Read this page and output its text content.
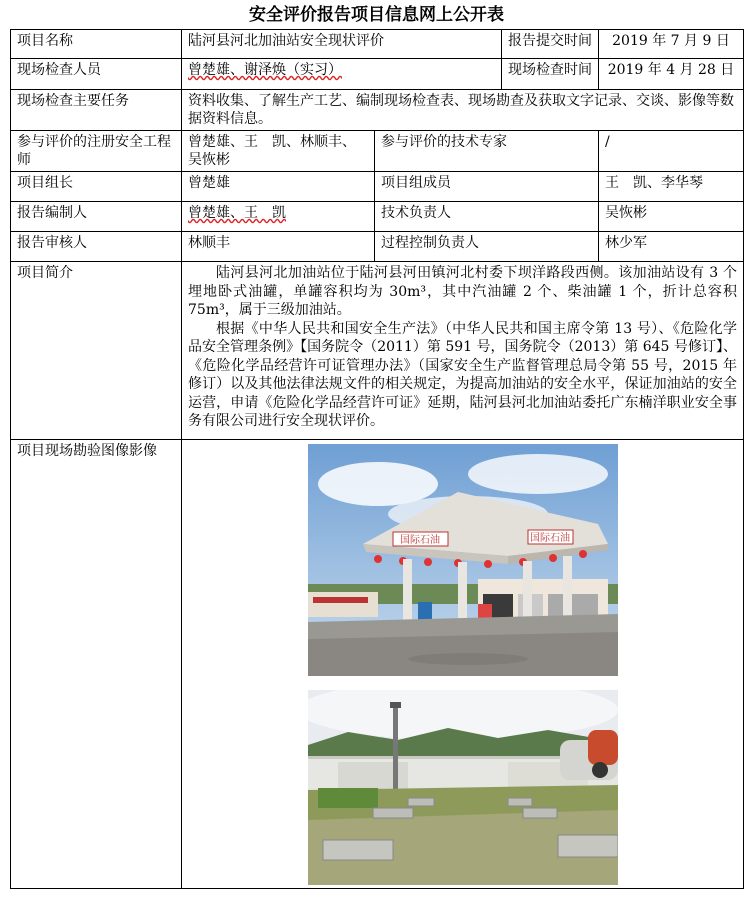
安全评价报告项目信息网上公开表
项目名称	陆河县河北加油站安全现状评价		报告提交时间	2019 年 7 月 9 日
现场检查人员	曾楚雄、谢泽焕（实习）		现场检查时间	2019 年 4 月 28 日
现场检查主要任务	资料收集、了解生产工艺、编制现场检查表、现场勘查及获取文字记录、交谈、影像等数据资料信息。			
参与评价的注册安全工程师	曾楚雄、王　凯、林顺丰、吴恢彬	参与评价的技术专家		/
项目组长	曾楚雄	项目组成员		王　凯、李华琴
报告编制人	曾楚雄、王　凯	技术负责人		吴恢彬
报告审核人	林顺丰	过程控制负责人		林少军
项目简介	陆河县河北加油站位于陆河县河田镇河北村委下坝洋路段西侧。该加油站设有 3 个埋地卧式油罐，单罐容积均为 30m³，其中汽油罐 2 个、柴油罐 1 个，折计总容积 75m³，属于三级加油站。

根据《中华人民共和国安全生产法》（中华人民共和国主席令第 13 号）、《危险化学品安全管理条例》【国务院令（2011）第 591 号，国务院令（2013）第 645 号修订】、《危险化学品经营许可证管理办法》（国家安全生产监督管理总局令第 55 号，2015 年修订）以及其他法律法规文件的相关规定，为提高加油站的安全水平，保证加油站的安全运营，申请《危险化学品经营许可证》延期，陆河县河北加油站委托广东楠洋职业安全事务有限公司进行安全现状评价。			

项目现场勘验图像影像	国际石油 国际石油			
